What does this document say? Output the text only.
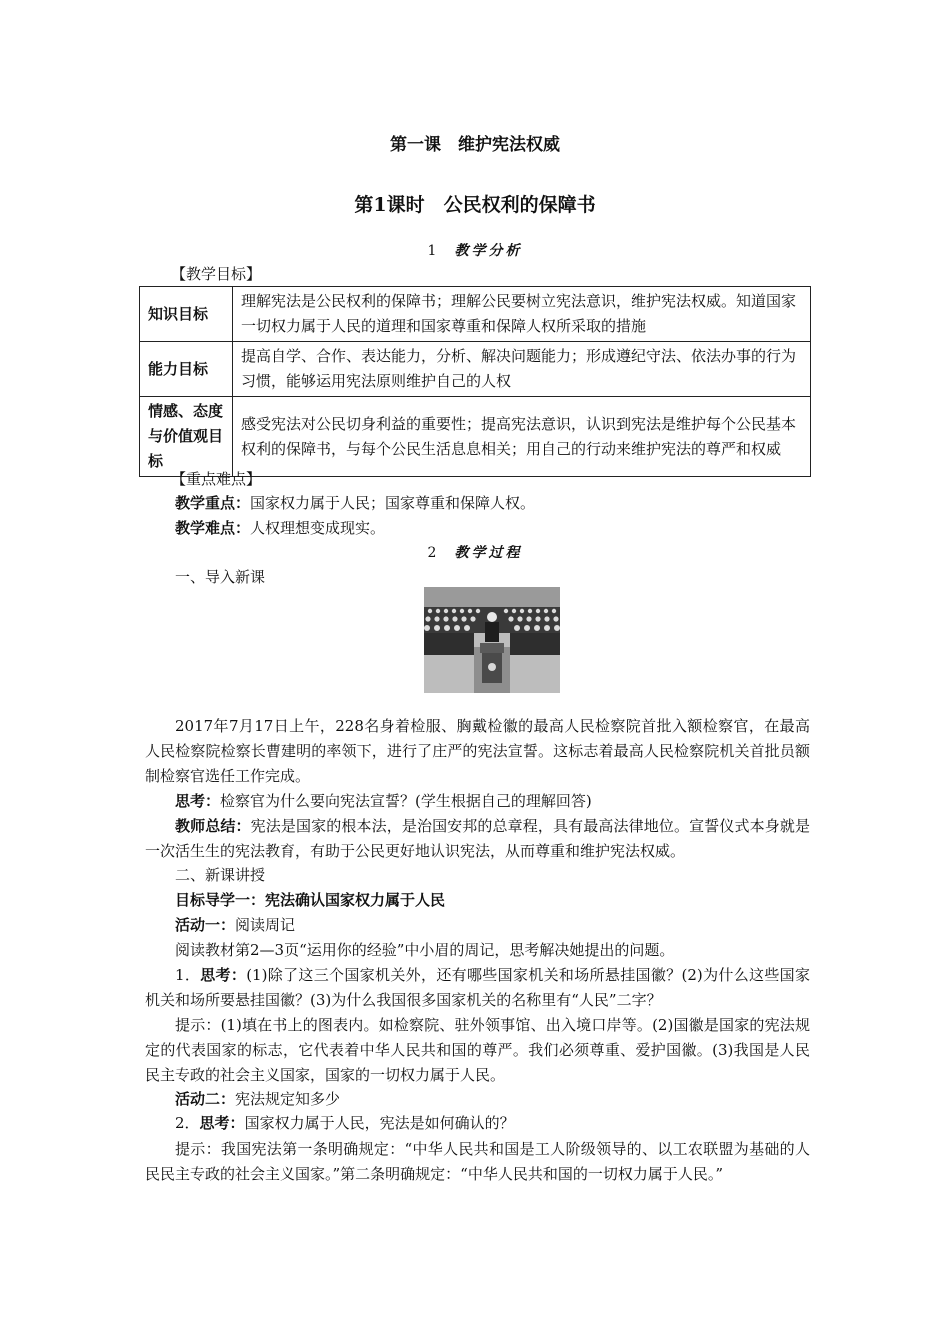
第一课　维护宪法权威
第1课时　公民权利的保障书
1 教学分析
【教学目标】
知识目标	理解宪法是公民权利的保障书；理解公民要树立宪法意识，维护宪法权威。知道国家一切权力属于人民的道理和国家尊重和保障人权所采取的措施
能力目标	提高自学、合作、表达能力，分析、解决问题能力；形成遵纪守法、依法办事的行为习惯，能够运用宪法原则维护自己的人权
情感、态度与价值观目标	感受宪法对公民切身利益的重要性；提高宪法意识，认识到宪法是维护每个公民基本权利的保障书，与每个公民生活息息相关；用自己的行动来维护宪法的尊严和权威
【重点难点】
教学重点：国家权力属于人民；国家尊重和保障人权。
教学难点：人权理想变成现实。
2 教学过程
一、导入新课
2017年7月17日上午，228名身着检服、胸戴检徽的最高人民检察院首批入额检察官，在最高人民检察院检察长曹建明的率领下，进行了庄严的宪法宣誓。这标志着最高人民检察院机关首批员额制检察官选任工作完成。
思考：检察官为什么要向宪法宣誓？(学生根据自己的理解回答)
教师总结：宪法是国家的根本法，是治国安邦的总章程，具有最高法律地位。宣誓仪式本身就是一次活生生的宪法教育，有助于公民更好地认识宪法，从而尊重和维护宪法权威。
二、新课讲授
目标导学一：宪法确认国家权力属于人民
活动一：阅读周记
阅读教材第2—3页“运用你的经验”中小眉的周记，思考解决她提出的问题。
1．思考：(1)除了这三个国家机关外，还有哪些国家机关和场所悬挂国徽？(2)为什么这些国家机关和场所要悬挂国徽？(3)为什么我国很多国家机关的名称里有“人民”二字？
提示：(1)填在书上的图表内。如检察院、驻外领事馆、出入境口岸等。(2)国徽是国家的宪法规定的代表国家的标志，它代表着中华人民共和国的尊严。我们必须尊重、爱护国徽。(3)我国是人民民主专政的社会主义国家，国家的一切权力属于人民。
活动二：宪法规定知多少
2．思考：国家权力属于人民，宪法是如何确认的？
提示：我国宪法第一条明确规定：“中华人民共和国是工人阶级领导的、以工农联盟为基础的人民民主专政的社会主义国家。”第二条明确规定：“中华人民共和国的一切权力属于人民。”
